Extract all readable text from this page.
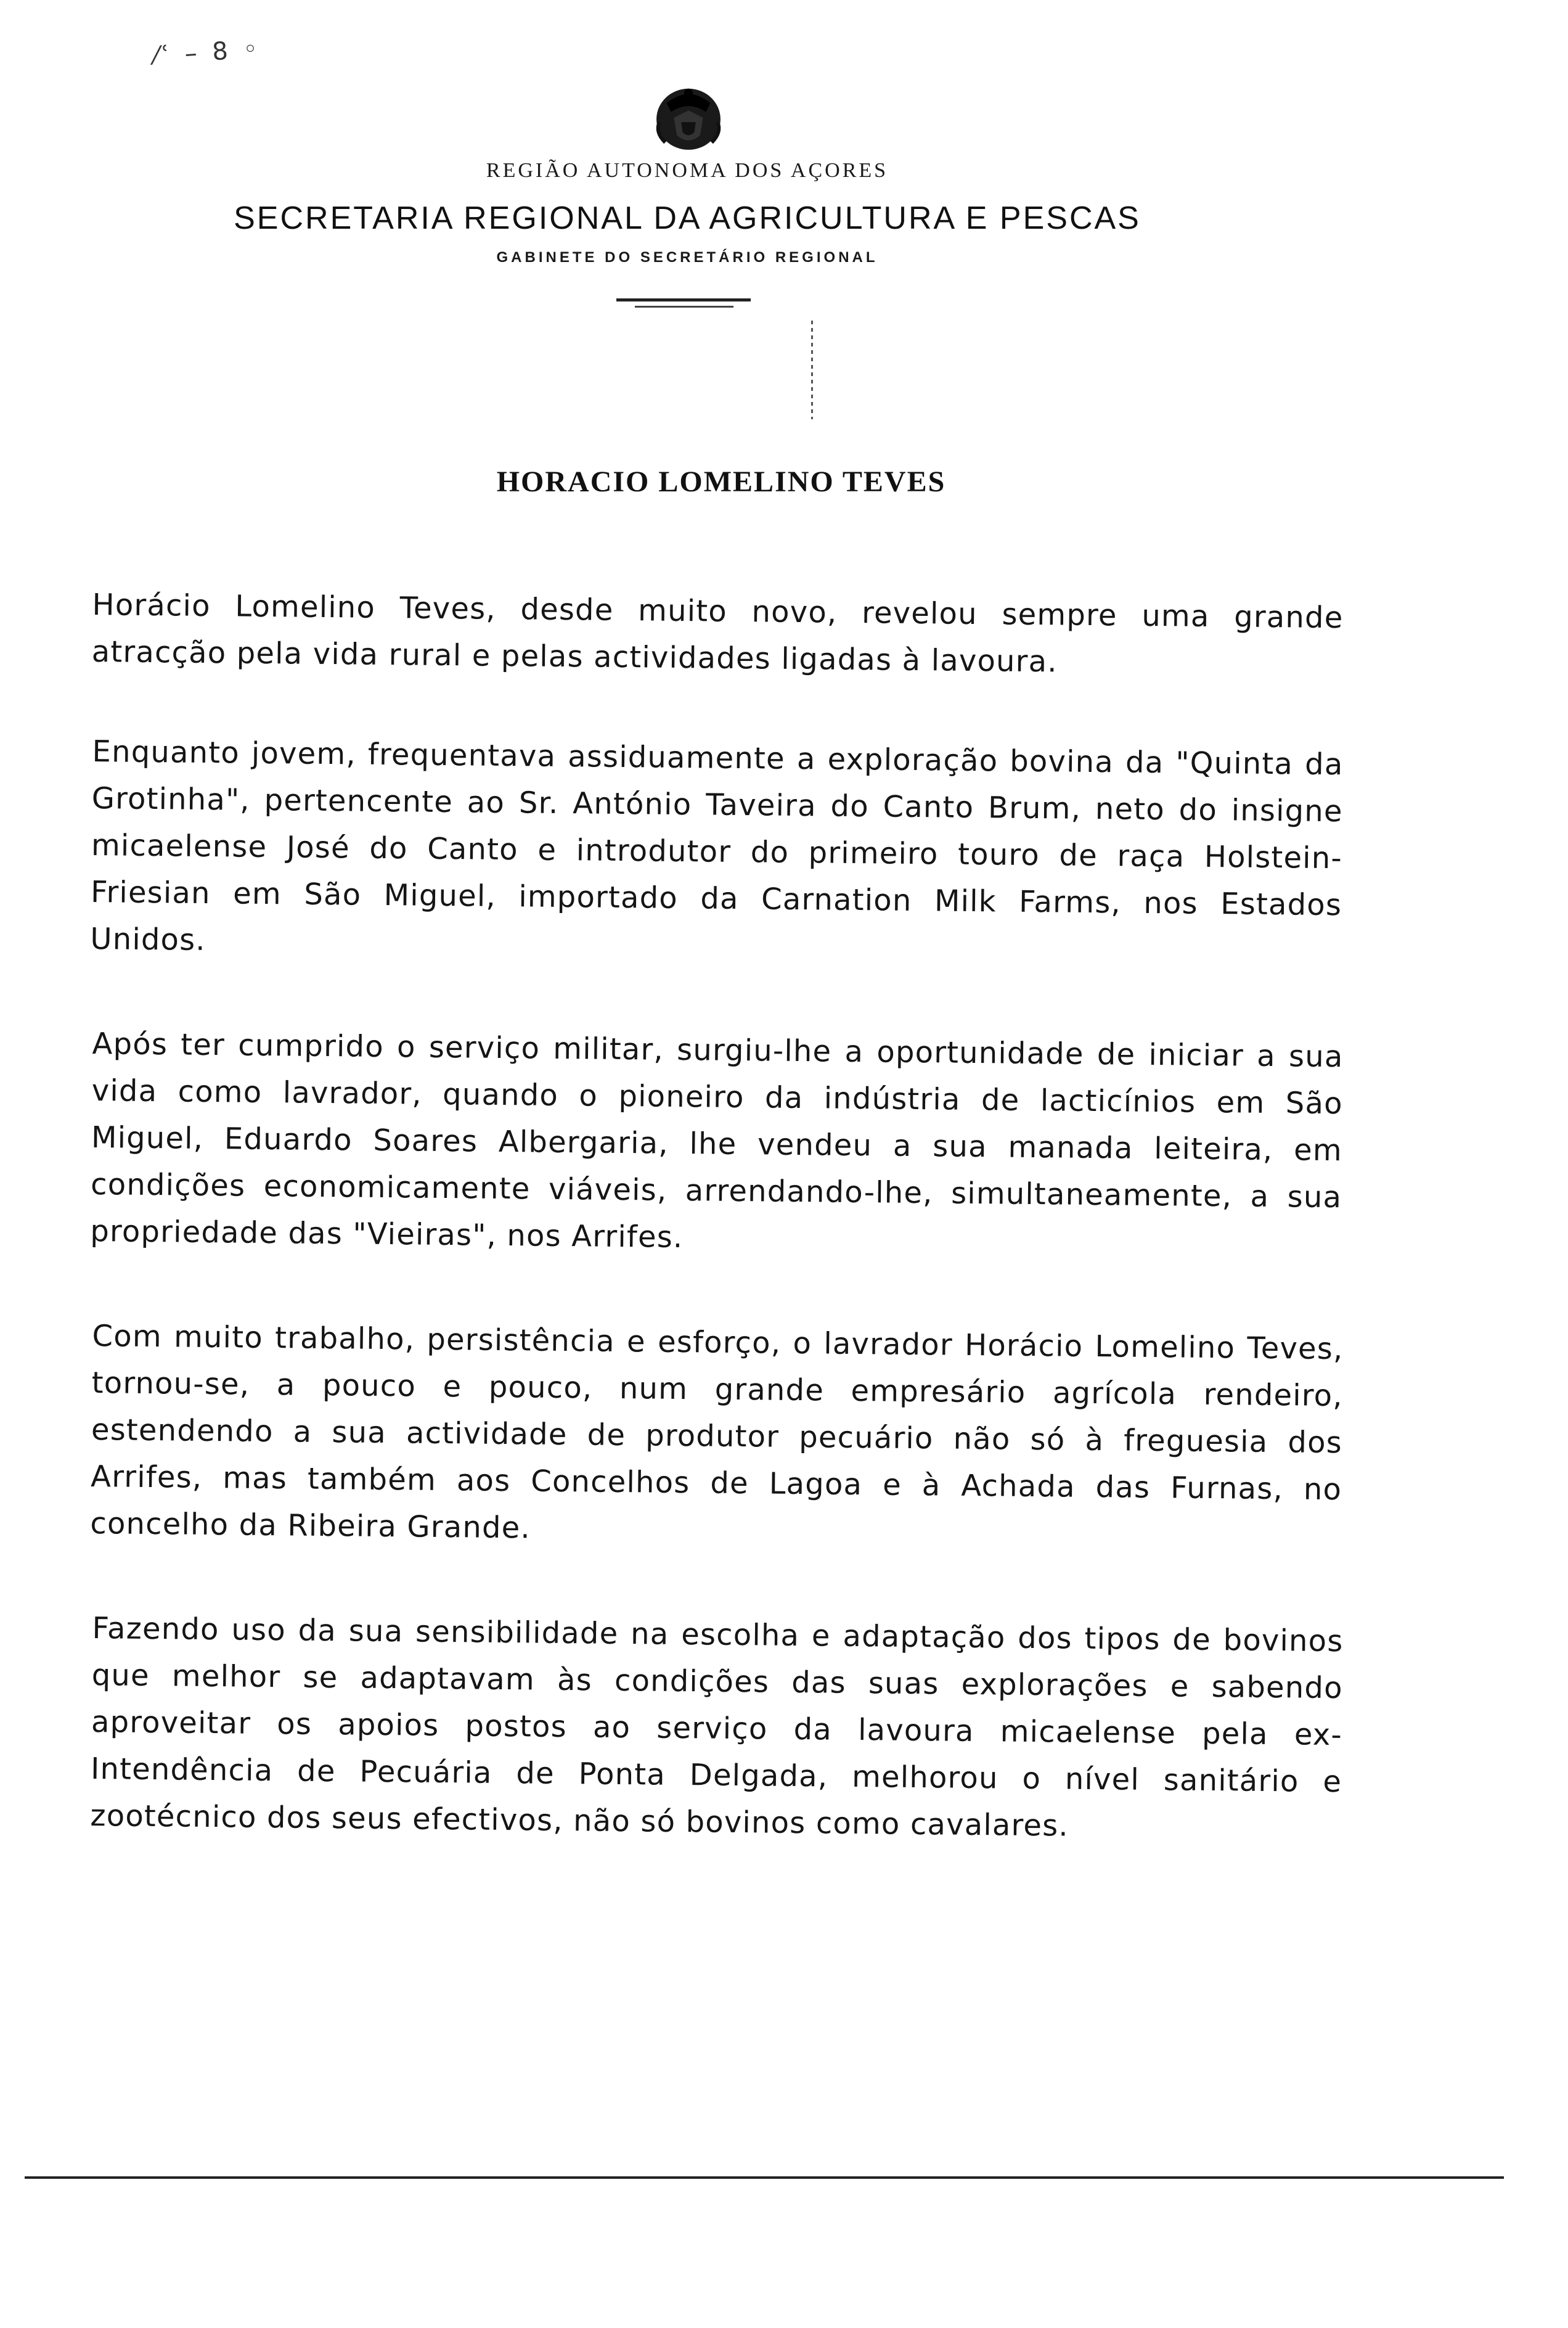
⁄ʿ – 8 ◦
REGIÃO AUTONOMA DOS AÇORES
SECRETARIA REGIONAL DA AGRICULTURA E PESCAS
GABINETE DO SECRETÁRIO REGIONAL
HORACIO LOMELINO TEVES

Horácio Lomelino Teves, desde muito novo, revelou sempre uma grande atracção pela vida rural e pelas actividades ligadas à lavoura.

Enquanto jovem, frequentava assiduamente a exploração bovina da "Quinta da Grotinha", pertencente ao Sr. António Taveira do Canto Brum, neto do insigne micaelense José do Canto e introdutor do primeiro touro de raça Holstein-Friesian em São Miguel, importado da Carnation Milk Farms, nos Estados Unidos.

Após ter cumprido o serviço militar, surgiu-lhe a oportunidade de iniciar a sua vida como lavrador, quando o pioneiro da indústria de lacticínios em São Miguel, Eduardo Soares Albergaria, lhe vendeu a sua manada leiteira, em condições economicamente viáveis, arrendando-lhe, simultaneamente, a sua propriedade das "Vieiras", nos Arrifes.

Com muito trabalho, persistência e esforço, o lavrador Horácio Lomelino Teves, tornou-se, a pouco e pouco, num grande empresário agrícola rendeiro, estendendo a sua actividade de produtor pecuário não só à freguesia dos Arrifes, mas também aos Concelhos de Lagoa e à Achada das Furnas, no concelho da Ribeira Grande.

Fazendo uso da sua sensibilidade na escolha e adaptação dos tipos de bovinos que melhor se adaptavam às condições das suas explorações e sabendo aproveitar os apoios postos ao serviço da lavoura micaelense pela ex-Intendência de Pecuária de Ponta Delgada, melhorou o nível sanitário e zootécnico dos seus efectivos, não só bovinos como cavalares.
